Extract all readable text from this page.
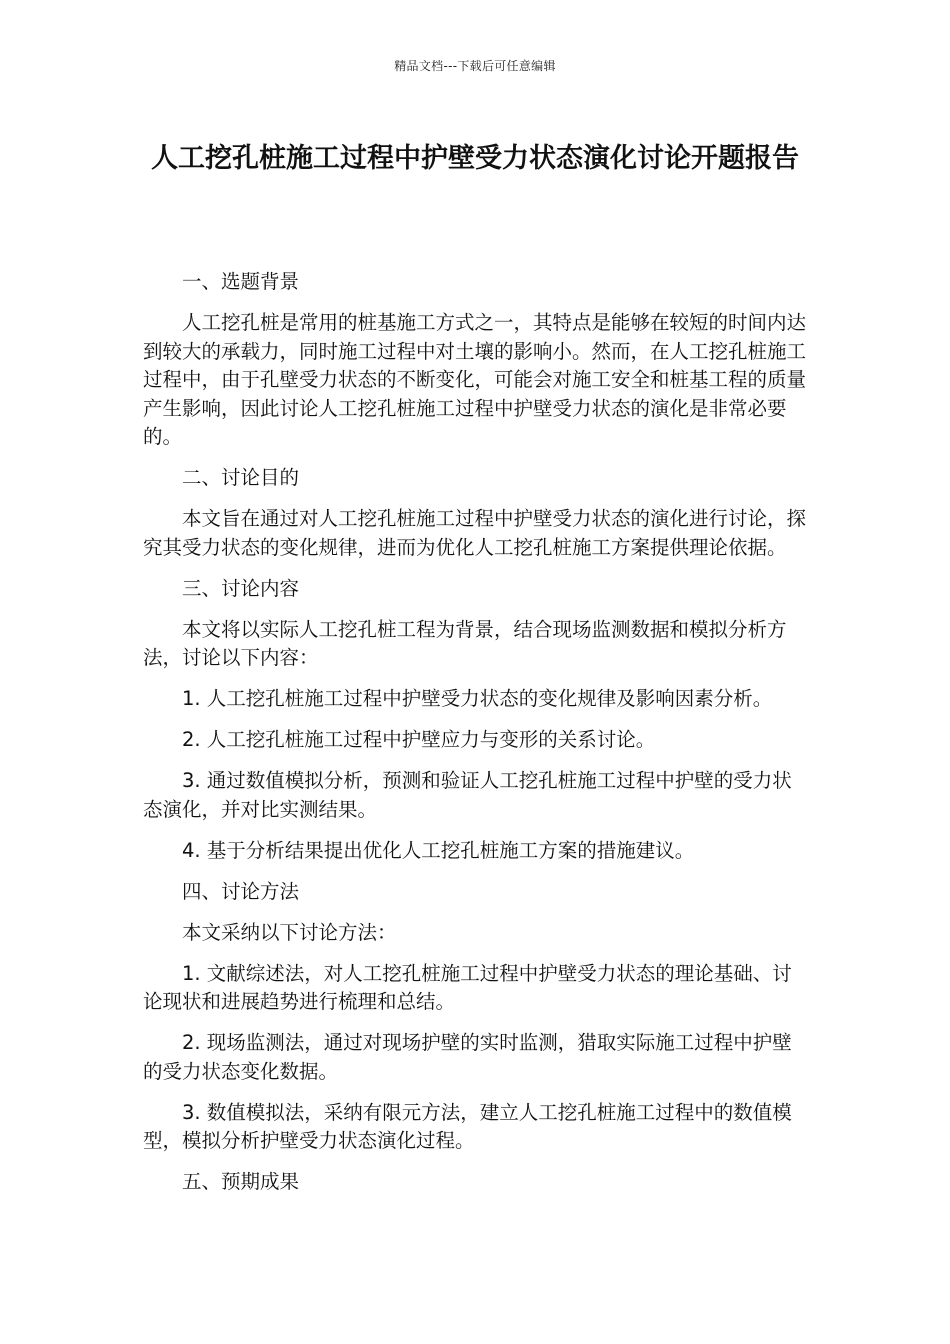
精品文档---下载后可任意编辑
人工挖孔桩施工过程中护壁受力状态演化讨论开题报告

一、选题背景

人工挖孔桩是常用的桩基施工方式之一，其特点是能够在较短的时间内达到较大的承载力，同时施工过程中对土壤的影响小。然而，在人工挖孔桩施工过程中，由于孔壁受力状态的不断变化，可能会对施工安全和桩基工程的质量产生影响，因此讨论人工挖孔桩施工过程中护壁受力状态的演化是非常必要的。

二、讨论目的

本文旨在通过对人工挖孔桩施工过程中护壁受力状态的演化进行讨论，探究其受力状态的变化规律，进而为优化人工挖孔桩施工方案提供理论依据。

三、讨论内容

本文将以实际人工挖孔桩工程为背景，结合现场监测数据和模拟分析方法，讨论以下内容：

1. 人工挖孔桩施工过程中护壁受力状态的变化规律及影响因素分析。

2. 人工挖孔桩施工过程中护壁应力与变形的关系讨论。

3. 通过数值模拟分析，预测和验证人工挖孔桩施工过程中护壁的受力状态演化，并对比实测结果。

4. 基于分析结果提出优化人工挖孔桩施工方案的措施建议。

四、讨论方法

本文采纳以下讨论方法：

1. 文献综述法，对人工挖孔桩施工过程中护壁受力状态的理论基础、讨论现状和进展趋势进行梳理和总结。

2. 现场监测法，通过对现场护壁的实时监测，猎取实际施工过程中护壁的受力状态变化数据。

3. 数值模拟法，采纳有限元方法，建立人工挖孔桩施工过程中的数值模型，模拟分析护壁受力状态演化过程。

五、预期成果
